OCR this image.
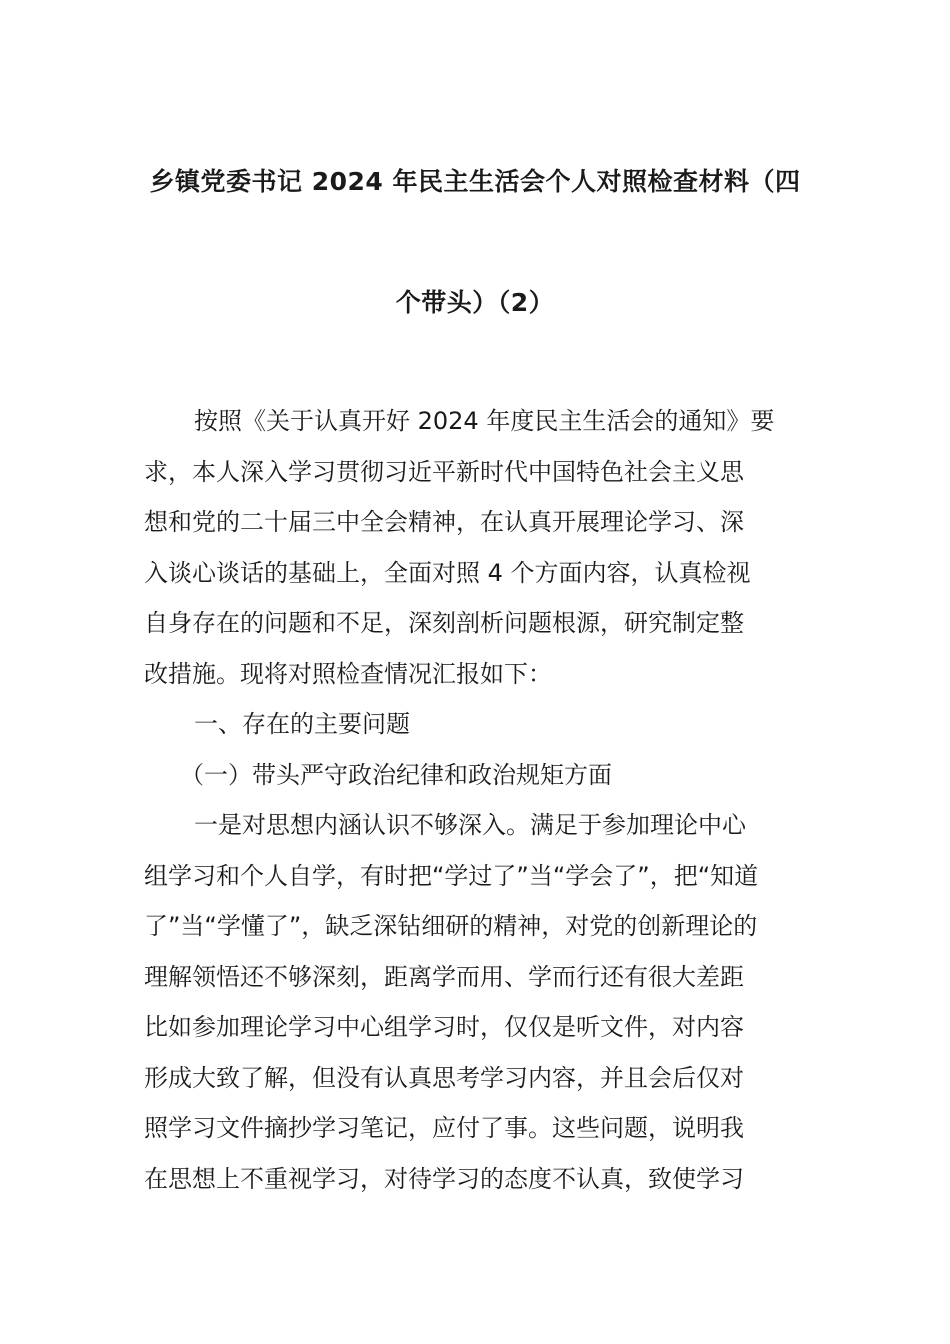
乡镇党委书记 2024 年民主生活会个人对照检查材料（四
个带头）（2）
按照《关于认真开好 2024 年度民主生活会的通知》要
求，本人深入学习贯彻习近平新时代中国特色社会主义思
想和党的二十届三中全会精神，在认真开展理论学习、深
入谈心谈话的基础上，全面对照 4 个方面内容，认真检视
自身存在的问题和不足，深刻剖析问题根源，研究制定整
改措施。现将对照检查情况汇报如下：
一、存在的主要问题
（一）带头严守政治纪律和政治规矩方面
一是对思想内涵认识不够深入。满足于参加理论中心
组学习和个人自学，有时把“学过了”当“学会了”，把“知道
了”当“学懂了”，缺乏深钻细研的精神，对党的创新理论的
理解领悟还不够深刻，距离学而用、学而行还有很大差距
比如参加理论学习中心组学习时，仅仅是听文件，对内容
形成大致了解，但没有认真思考学习内容，并且会后仅对
照学习文件摘抄学习笔记，应付了事。这些问题，说明我
在思想上不重视学习，对待学习的态度不认真，致使学习
